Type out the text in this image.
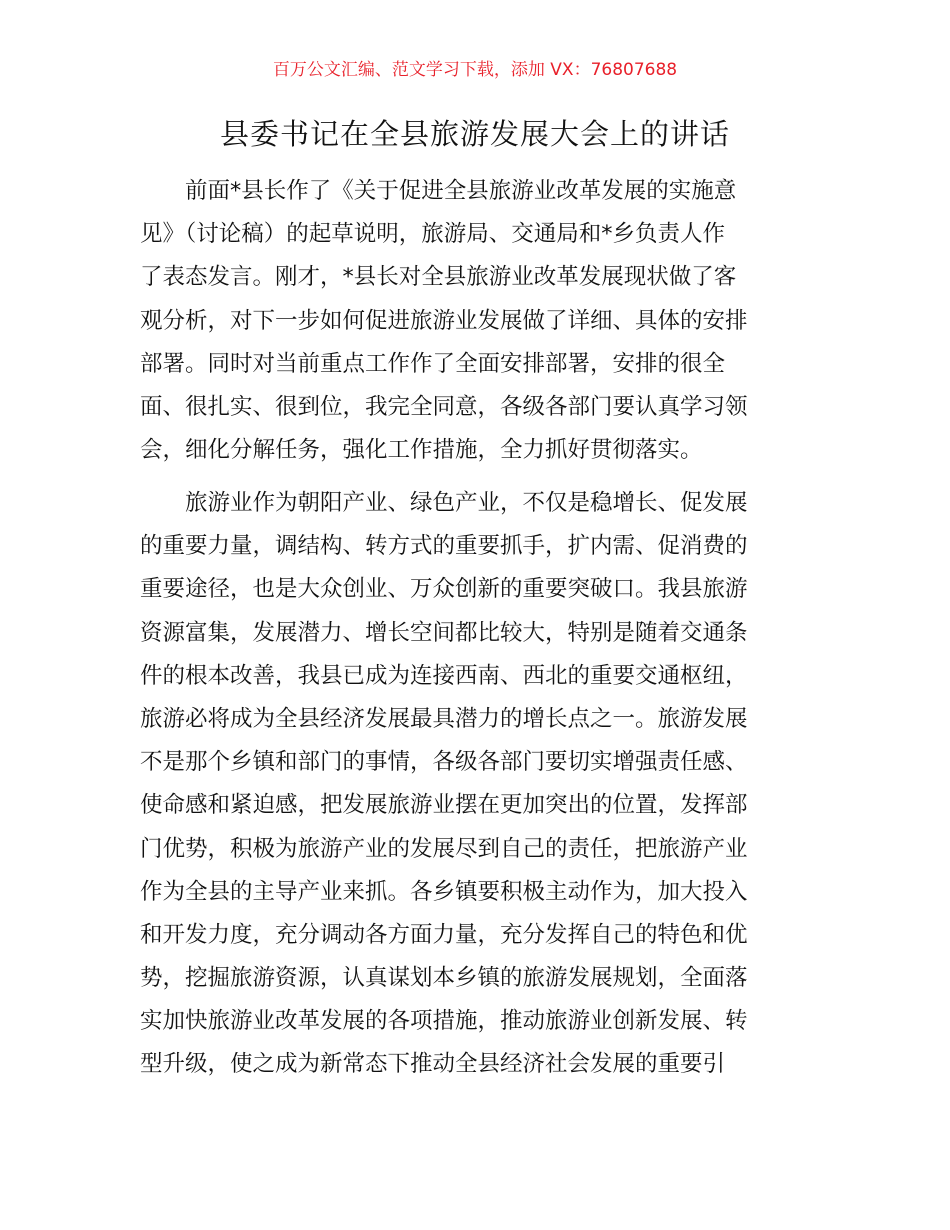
百万公文汇编、范文学习下载，添加 VX：76807688
县委书记在全县旅游发展大会上的讲话

　　前面*县长作了《关于促进全县旅游业改革发展的实施意
见》（讨论稿）的起草说明，旅游局、交通局和*乡负责人作
了表态发言。刚才，*县长对全县旅游业改革发展现状做了客
观分析，对下一步如何促进旅游业发展做了详细、具体的安排
部署。同时对当前重点工作作了全面安排部署，安排的很全
面、很扎实、很到位，我完全同意，各级各部门要认真学习领
会，细化分解任务，强化工作措施，全力抓好贯彻落实。

　　旅游业作为朝阳产业、绿色产业，不仅是稳增长、促发展
的重要力量，调结构、转方式的重要抓手，扩内需、促消费的
重要途径，也是大众创业、万众创新的重要突破口。我县旅游
资源富集，发展潜力、增长空间都比较大，特别是随着交通条
件的根本改善，我县已成为连接西南、西北的重要交通枢纽，
旅游必将成为全县经济发展最具潜力的增长点之一。旅游发展
不是那个乡镇和部门的事情，各级各部门要切实增强责任感、
使命感和紧迫感，把发展旅游业摆在更加突出的位置，发挥部
门优势，积极为旅游产业的发展尽到自己的责任，把旅游产业
作为全县的主导产业来抓。各乡镇要积极主动作为，加大投入
和开发力度，充分调动各方面力量，充分发挥自己的特色和优
势，挖掘旅游资源，认真谋划本乡镇的旅游发展规划，全面落
实加快旅游业改革发展的各项措施，推动旅游业创新发展、转
型升级，使之成为新常态下推动全县经济社会发展的重要引
